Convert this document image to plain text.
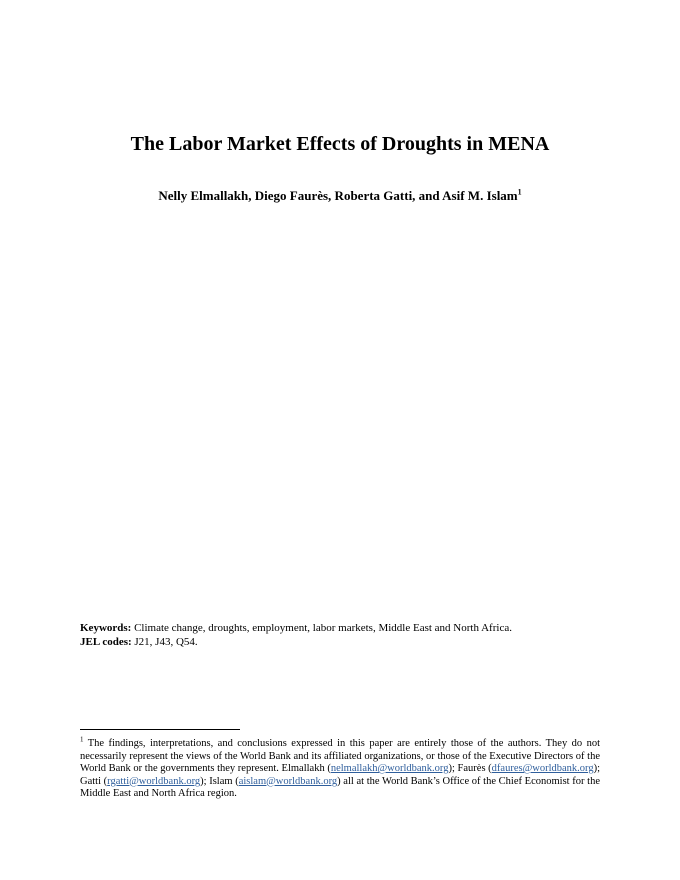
The Labor Market Effects of Droughts in MENA
Nelly Elmallakh, Diego Faurès, Roberta Gatti, and Asif M. Islam$^1$
Keywords: Climate change, droughts, employment, labor markets, Middle East and North Africa.
JEL codes: J21, J43, Q54.
$^1$ The findings, interpretations, and conclusions expressed in this paper are entirely those of the authors. They do not necessarily represent the views of the World Bank and its affiliated organizations, or those of the Executive Directors of the World Bank or the governments they represent. Elmallakh (nelmallakh@worldbank.org); Faurès (dfaures@worldbank.org); Gatti (rgatti@worldbank.org); Islam (aislam@worldbank.org) all at the World Bank’s Office of the Chief Economist for the Middle East and North Africa region.
